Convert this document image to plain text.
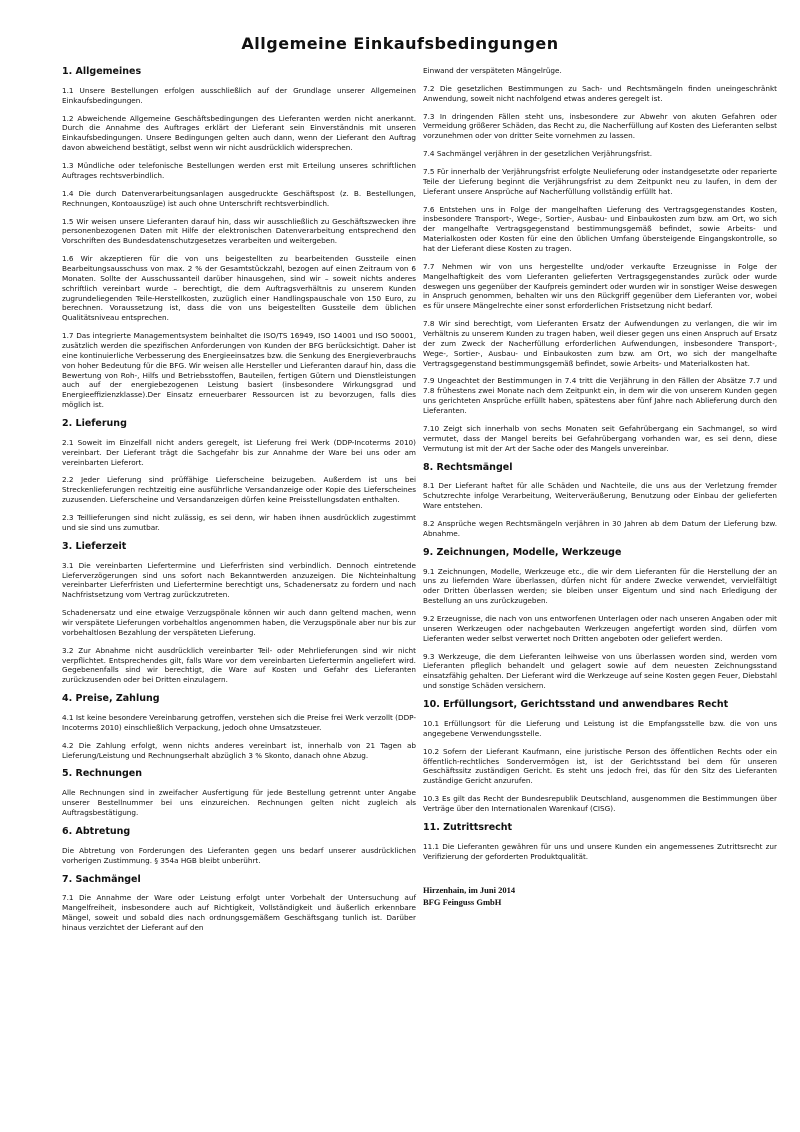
Allgemeine Einkaufsbedingungen
1. Allgemeines

1.1 Unsere Bestellungen erfolgen ausschließlich auf der Grundlage unserer Allgemeinen Einkaufsbedingungen.

1.2 Abweichende Allgemeine Geschäftsbedingungen des Lieferanten werden nicht anerkannt. Durch die Annahme des Auftrages erklärt der Lieferant sein Einverständnis mit unseren Einkaufsbedingungen. Unsere Bedingungen gelten auch dann, wenn der Lieferant den Auftrag davon abweichend bestätigt, selbst wenn wir nicht ausdrücklich widersprechen.

1.3 Mündliche oder telefonische Bestellungen werden erst mit Erteilung unseres schriftlichen Auftrages rechtsverbindlich.

1.4 Die durch Datenverarbeitungsanlagen ausgedruckte Geschäftspost (z. B. Bestellungen, Rechnungen, Kontoauszüge) ist auch ohne Unterschrift rechtsverbindlich.

1.5 Wir weisen unsere Lieferanten darauf hin, dass wir ausschließlich zu Geschäftszwecken ihre personenbezogenen Daten mit Hilfe der elektronischen Datenverarbeitung entsprechend den Vorschriften des Bundesdatenschutzgesetzes verarbeiten und weitergeben.

1.6 Wir akzeptieren für die von uns beigestellten zu bearbeitenden Gussteile einen Bearbeitungsausschuss von max. 2 % der Gesamtstückzahl, bezogen auf einen Zeitraum von 6 Monaten. Sollte der Ausschussanteil darüber hinausgehen, sind wir – soweit nichts anderes schriftlich vereinbart wurde – berechtigt, die dem Auftragsverhältnis zu unserem Kunden zugrundeliegenden Teile-Herstellkosten, zuzüglich einer Handlingspauschale von 150 Euro, zu berechnen. Voraussetzung ist, dass die von uns beigestellten Gussteile dem üblichen Qualitätsniveau entsprechen.

1.7 Das integrierte Managementsystem beinhaltet die ISO/TS 16949, ISO 14001 und ISO 50001, zusätzlich werden die spezifischen Anforderungen von Kunden der BFG berücksichtigt. Daher ist eine kontinuierliche Verbesserung des Energieeinsatzes bzw. die Senkung des Energieverbrauchs von hoher Bedeutung für die BFG. Wir weisen alle Hersteller und Lieferanten darauf hin, dass die Bewertung von Roh-, Hilfs und Betriebsstoffen, Bauteilen, fertigen Gütern und Dienstleistungen auch auf der energiebezogenen Leistung basiert (insbesondere Wirkungsgrad und Energieeffizienzklasse).Der Einsatz erneuerbarer Ressourcen ist zu bevorzugen, falls dies möglich ist.

2. Lieferung

2.1 Soweit im Einzelfall nicht anders geregelt, ist Lieferung frei Werk (DDP-Incoterms 2010) vereinbart. Der Lieferant trägt die Sachgefahr bis zur Annahme der Ware bei uns oder am vereinbarten Lieferort.

2.2 Jeder Lieferung sind prüffähige Lieferscheine beizugeben. Außerdem ist uns bei Streckenlieferungen rechtzeitig eine ausführliche Versandanzeige oder Kopie des Lieferscheines zuzusenden. Lieferscheine und Versandanzeigen dürfen keine Preisstellungsdaten enthalten.

2.3 Teillieferungen sind nicht zulässig, es sei denn, wir haben ihnen ausdrücklich zugestimmt und sie sind uns zumutbar.

3. Lieferzeit

3.1 Die vereinbarten Liefertermine und Lieferfristen sind verbindlich. Dennoch eintretende Lieferverzögerungen sind uns sofort nach Bekanntwerden anzuzeigen. Die Nichteinhaltung vereinbarter Lieferfristen und Liefertermine berechtigt uns, Schadenersatz zu fordern und nach Nachfristsetzung vom Vertrag zurückzutreten.

Schadenersatz und eine etwaige Verzugspönale können wir auch dann geltend machen, wenn wir verspätete Lieferungen vorbehaltlos angenommen haben, die Verzugspönale aber nur bis zur vorbehaltlosen Bezahlung der verspäteten Lieferung.

3.2 Zur Abnahme nicht ausdrücklich vereinbarter Teil- oder Mehrlieferungen sind wir nicht verpflichtet. Entsprechendes gilt, falls Ware vor dem vereinbarten Liefertermin angeliefert wird. Gegebenenfalls sind wir berechtigt, die Ware auf Kosten und Gefahr des Lieferanten zurückzusenden oder bei Dritten einzulagern.

4. Preise, Zahlung

4.1 Ist keine besondere Vereinbarung getroffen, verstehen sich die Preise frei Werk verzollt (DDP-Incoterms 2010) einschließlich Verpackung, jedoch ohne Umsatzsteuer.

4.2 Die Zahlung erfolgt, wenn nichts anderes vereinbart ist, innerhalb von 21 Tagen ab Lieferung/Leistung und Rechnungserhalt abzüglich 3 % Skonto, danach ohne Abzug.

5. Rechnungen

Alle Rechnungen sind in zweifacher Ausfertigung für jede Bestellung getrennt unter Angabe unserer Bestellnummer bei uns einzureichen. Rechnungen gelten nicht zugleich als Auftragsbestätigung.

6. Abtretung

Die Abtretung von Forderungen des Lieferanten gegen uns bedarf unserer ausdrücklichen vorherigen Zustimmung. § 354a HGB bleibt unberührt.

7. Sachmängel

7.1 Die Annahme der Ware oder Leistung erfolgt unter Vorbehalt der Untersuchung auf Mangelfreiheit, insbesondere auch auf Richtigkeit, Vollständigkeit und äußerlich erkennbare Mängel, soweit und sobald dies nach ordnungsgemäßem Geschäftsgang tunlich ist. Darüber hinaus verzichtet der Lieferant auf den

Einwand der verspäteten Mängelrüge.

7.2 Die gesetzlichen Bestimmungen zu Sach- und Rechtsmängeln finden uneingeschränkt Anwendung, soweit nicht nachfolgend etwas anderes geregelt ist.

7.3 In dringenden Fällen steht uns, insbesondere zur Abwehr von akuten Gefahren oder Vermeidung größerer Schäden, das Recht zu, die Nacherfüllung auf Kosten des Lieferanten selbst vorzunehmen oder von dritter Seite vornehmen zu lassen.

7.4 Sachmängel verjähren in der gesetzlichen Verjährungsfrist.

7.5 Für innerhalb der Verjährungsfrist erfolgte Neulieferung oder instandgesetzte oder reparierte Teile der Lieferung beginnt die Verjährungsfrist zu dem Zeitpunkt neu zu laufen, in dem der Lieferant unsere Ansprüche auf Nacherfüllung vollständig erfüllt hat.

7.6 Entstehen uns in Folge der mangelhaften Lieferung des Vertragsgegenstandes Kosten, insbesondere Transport-, Wege-, Sortier-, Ausbau- und Einbaukosten zum bzw. am Ort, wo sich der mangelhafte Vertragsgegenstand bestimmungsgemäß befindet, sowie Arbeits- und Materialkosten oder Kosten für eine den üblichen Umfang übersteigende Eingangskontrolle, so hat der Lieferant diese Kosten zu tragen.

7.7 Nehmen wir von uns hergestellte und/oder verkaufte Erzeugnisse in Folge der Mangelhaftigkeit des vom Lieferanten gelieferten Vertragsgegenstandes zurück oder wurde deswegen uns gegenüber der Kaufpreis gemindert oder wurden wir in sonstiger Weise deswegen in Anspruch genommen, behalten wir uns den Rückgriff gegenüber dem Lieferanten vor, wobei es für unsere Mängelrechte einer sonst erforderlichen Fristsetzung nicht bedarf.

7.8 Wir sind berechtigt, vom Lieferanten Ersatz der Aufwendungen zu verlangen, die wir im Verhältnis zu unserem Kunden zu tragen haben, weil dieser gegen uns einen Anspruch auf Ersatz der zum Zweck der Nacherfüllung erforderlichen Aufwendungen, insbesondere Transport-, Wege-, Sortier-, Ausbau- und Einbaukosten zum bzw. am Ort, wo sich der mangelhafte Vertragsgegenstand bestimmungsgemäß befindet, sowie Arbeits- und Materialkosten hat.

7.9 Ungeachtet der Bestimmungen in 7.4 tritt die Verjährung in den Fällen der Absätze 7.7 und 7.8 frühestens zwei Monate nach dem Zeitpunkt ein, in dem wir die von unserem Kunden gegen uns gerichteten Ansprüche erfüllt haben, spätestens aber fünf Jahre nach Ablieferung durch den Lieferanten.

7.10 Zeigt sich innerhalb von sechs Monaten seit Gefahrübergang ein Sachmangel, so wird vermutet, dass der Mangel bereits bei Gefahrübergang vorhanden war, es sei denn, diese Vermutung ist mit der Art der Sache oder des Mangels unvereinbar.

8. Rechtsmängel

8.1 Der Lieferant haftet für alle Schäden und Nachteile, die uns aus der Verletzung fremder Schutzrechte infolge Verarbeitung, Weiterveräußerung, Benutzung oder Einbau der gelieferten Ware entstehen.

8.2 Ansprüche wegen Rechtsmängeln verjähren in 30 Jahren ab dem Datum der Lieferung bzw. Abnahme.

9. Zeichnungen, Modelle, Werkzeuge

9.1 Zeichnungen, Modelle, Werkzeuge etc., die wir dem Lieferanten für die Herstellung der an uns zu liefernden Ware überlassen, dürfen nicht für andere Zwecke verwendet, vervielfältigt oder Dritten überlassen werden; sie bleiben unser Eigentum und sind nach Erledigung der Bestellung an uns zurückzugeben.

9.2 Erzeugnisse, die nach von uns entworfenen Unterlagen oder nach unseren Angaben oder mit unseren Werkzeugen oder nachgebauten Werkzeugen angefertigt worden sind, dürfen vom Lieferanten weder selbst verwertet noch Dritten angeboten oder geliefert werden.

9.3 Werkzeuge, die dem Lieferanten leihweise von uns überlassen worden sind, werden vom Lieferanten pfleglich behandelt und gelagert sowie auf dem neuesten Zeichnungsstand einsatzfähig gehalten. Der Lieferant wird die Werkzeuge auf seine Kosten gegen Feuer, Diebstahl und sonstige Schäden versichern.

10. Erfüllungsort, Gerichtsstand und anwendbares Recht

10.1 Erfüllungsort für die Lieferung und Leistung ist die Empfangsstelle bzw. die von uns angegebene Verwendungsstelle.

10.2 Sofern der Lieferant Kaufmann, eine juristische Person des öffentlichen Rechts oder ein öffentlich-rechtliches Sondervermögen ist, ist der Gerichtsstand bei dem für unseren Geschäftssitz zuständigen Gericht. Es steht uns jedoch frei, das für den Sitz des Lieferanten zuständige Gericht anzurufen.

10.3 Es gilt das Recht der Bundesrepublik Deutschland, ausgenommen die Bestimmungen über Verträge über den Internationalen Warenkauf (CISG).

11. Zutrittsrecht

11.1 Die Lieferanten gewähren für uns und unsere Kunden ein angemessenes Zutrittsrecht zur Verifizierung der geforderten Produktqualität.

Hirzenhain, im Juni 2014
BFG Feinguss GmbH
